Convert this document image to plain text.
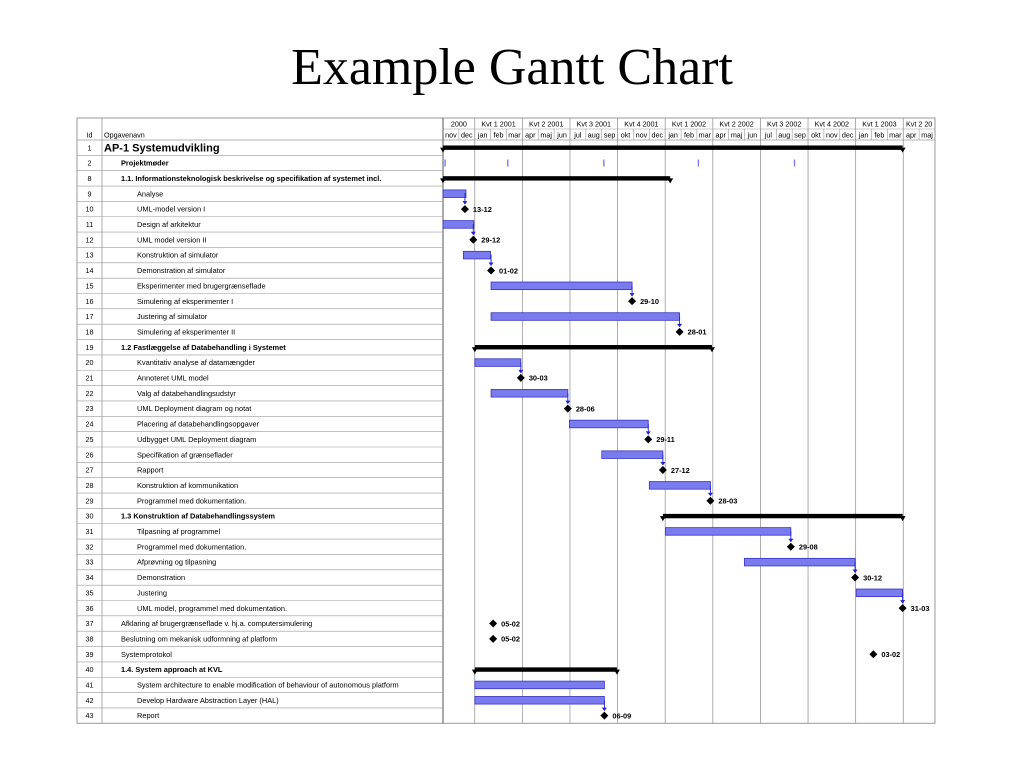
Example Gantt Chart
2000
nov dec
Kvt 1 2001
jan feb mar
Kvt 2 2001
apr maj jun
Kvt 3 2001
jul aug sep
Kvt 4 2001
okt nov dec
Kvt 1 2002
jan feb mar
Kvt 2 2002
apr maj jun
Kvt 3 2002
jul aug sep
Kvt 4 2002
okt nov dec
Kvt 1 2003
jan feb mar
Kvt 2 20
apr maj
Id Opgavenavn
1 AP-1 Systemudvikling
2	Projektmøder
8	1.1. Informationsteknologisk beskrivelse og specifikation af systemet incl.
9	Analyse
10	UML-model version I	13-12
11	Design af arkitektur
12	UML model version II	29-12
13	Konstruktion af simulator
14	Demonstration af simulator	01-02
15	Eksperimenter med brugergrænseflade
16	Simulering af eksperimenter I	29-10
17	Justering af simulator
18	Simulering af eksperimenter II	28-01
19	1.2 Fastlæggelse af Databehandling i Systemet
20	Kvantitativ analyse af datamængder
21	Annoteret UML model	30-03
22	Valg af databehandlingsudstyr
23	UML Deployment diagram og notat	28-06
24	Placering af databehandlingsopgaver
25	Udbygget UML Deployment diagram	29-11
26	Specifikation af grænseflader
27	Rapport	27-12
28	Konstruktion af kommunikation
29	Programmel med dokumentation.	28-03
30	1.3 Konstruktion af Databehandlingssystem
31	Tilpasning af programmel
32	Programmel med dokumentation.	29-08
33	Afprøvning og tilpasning
34	Demonstration	30-12
35	Justering
36	UML model, programmel med dokumentation.	31-03
37	Afklaring af brugergrænseflade v. hj.a. computersimulering	05-02
38	Beslutning om mekanisk udformning af platform	05-02
39	Systemprotokol	03-02
40	1.4. System approach at KVL
41	System architecture to enable modification of behaviour of autonomous platform
42	Develop Hardware Abstraction Layer (HAL)
43	Report	06-09
